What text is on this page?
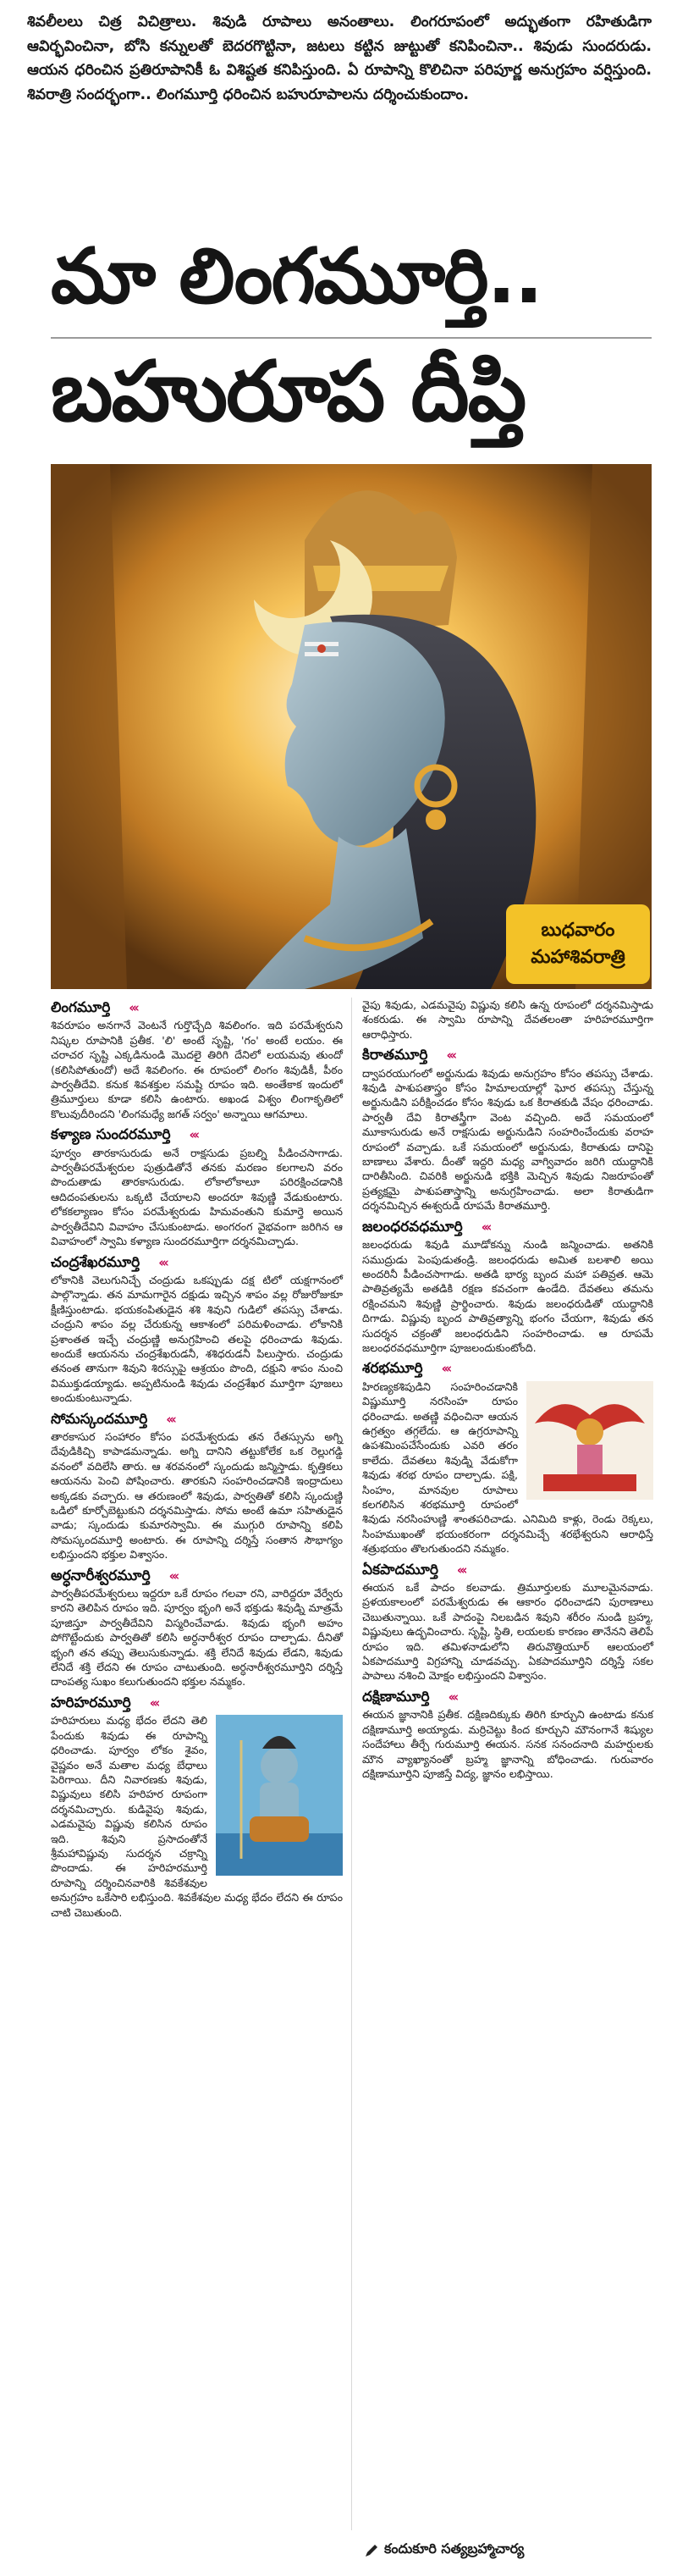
శివలీలలు చిత్ర విచిత్రాలు. శివుడి రూపాలు అనంతాలు. లింగరూపంలో అద్భుతంగా రహితుడిగా ఆవిర్భవించినా, బోసి కన్నులతో బెదరగొట్టినా, జటలు కట్టిన జుట్టుతో కనిపించినా.. శివుడు సుందరుడు. ఆయన ధరించిన ప్రతిరూపానికీ ఓ విశిష్టత కనిపిస్తుంది. ఏ రూపాన్ని కొలిచినా పరిపూర్ణ అనుగ్రహం వర్షిస్తుంది. శివరాత్రి సందర్భంగా.. లింగమూర్తి ధరించిన బహురూపాలను దర్శించుకుందాం.
మా లింగమూర్తి..
బహురూప దీప్తి
బుధవారం
మహాశివరాత్రి
లింగమూర్తి ‹‹‹

శివరూపం అనగానే వెంటనే గుర్తొచ్చేది శివలింగం. ఇది పరమేశ్వరుని నిష్కల రూపానికి ప్రతీక. 'లి' అంటే సృష్టి, 'గం' అంటే లయం. ఈ చరాచర సృష్టి ఎక్కడినుండి మొదలై తిరిగి దేనిలో లయమవు తుందో (కలిసిపోతుందో) అదే శివలింగం. ఈ రూపంలో లింగం శివుడికీ, పీఠం పార్వతీదేవి. కనుక శివశక్తుల సమష్టి రూపం ఇది. అంతేకాక ఇందులో త్రిమూర్తులు కూడా కలిసి ఉంటారు. అఖండ విశ్వం లింగాకృతిలో కొలువుదీరిందని 'లింగమధ్యే జగత్ సర్వం' అన్నాయి ఆగమాలు.

కళ్యాణ సుందరమూర్తి ‹‹‹

పూర్వం తారకాసురుడు అనే రాక్షసుడు ప్రబల్ని పీడించసాగాడు. పార్వతీపరమేశ్వరుల పుత్రుడితోనే తనకు మరణం కలగాలని వరం పొందుతాడు తారకాసురుడు. లోకాలోకాలూ పరిరక్షించడానికి ఆదిదంపతులను ఒక్కటి చేయాలని అందరూ శివుణ్ణి వేడుకుంటారు. లోకకల్యాణం కోసం పరమేశ్వరుడు హిమవంతుని కుమార్తె అయిన పార్వతీదేవిని వివాహం చేసుకుంటాడు. అంగరంగ వైభవంగా జరిగిన ఆ వివాహంలో స్వామి కళ్యాణ సుందరమూర్తిగా దర్శనమిచ్చాడు.

చంద్రశేఖరమూర్తి ‹‹‹

లోకానికి వెలుగునిచ్చే చంద్రుడు ఒకప్పుడు దక్ష టిలో యక్షగానంలో పాల్గొన్నాడు. తన మామగారైన దక్షుడు ఇచ్చిన శాపం వల్ల రోజురోజుకూ క్షీణిస్తుంటాడు. భయకంపితుడైన శశి శివుని గుడిలో తపస్సు చేశాడు. చంద్రుని శాపం వల్ల చేరుకున్న ఆకాశంలో పరిమళించాడు. లోకానికి ప్రశాంతత ఇచ్చే చంద్రుణ్ణి అనుగ్రహించి తలపై ధరించాడు శివుడు. అందుకే ఆయనను చంద్రశేఖరుడనీ, శశిధరుడనీ పిలుస్తారు. చంద్రుడు తనంత తానుగా శివుని శిరస్సుపై ఆశ్రయం పొంది, దక్షుని శాపం నుంచి విముక్తుడయ్యాడు. అప్పటినుండి శివుడు చంద్రశేఖర మూర్తిగా పూజలు అందుకుంటున్నాడు.

సోమస్కందమూర్తి ‹‹‹

తారకాసుర సంహారం కోసం పరమేశ్వరుడు తన రేతస్సును అగ్ని దేవుడికిచ్చి కాపాడమన్నాడు. అగ్ని దానిని తట్టుకోలేక ఒక రెల్లుగడ్డి వనంలో వదిలేసి తారు. ఆ శరవనంలో స్కందుడు జన్మిస్తాడు. కృత్తికలు ఆయనను పెంచి పోషించారు. తారకుని సంహరించడానికి ఇంద్రాదులు అక్కడకు వచ్చారు. ఆ తరుణంలో శివుడు, పార్వతితో కలిసి స్కందుణ్ణి ఒడిలో కూర్చోబెట్టుకుని దర్శనమిస్తాడు. సోమ అంటే ఉమా సహితుడైన వాడు; స్కందుడు కుమారస్వామి. ఈ ముగ్గురి రూపాన్ని కలిపి సోమస్కందమూర్తి అంటారు. ఈ రూపాన్ని దర్శిస్తే సంతాన సౌభాగ్యం లభిస్తుందని భక్తుల విశ్వాసం.

అర్ధనారీశ్వరమూర్తి ‹‹‹

పార్వతీపరమేశ్వరులు ఇద్దరూ ఒకే రూపం గలవా రని, వారిద్దరూ వేర్వేరు కారని తెలిపిన రూపం ఇది. పూర్వం భృంగి అనే భక్తుడు శివుడ్ని మాత్రమే పూజిస్తూ పార్వతీదేవిని విస్మరించేవాడు. శివుడు భృంగి అహం పోగొట్టేందుకు పార్వతితో కలిసి అర్ధనారీశ్వర రూపం దాల్చాడు. దీనితో భృంగి తన తప్పు తెలుసుకున్నాడు. శక్తి లేనిదే శివుడు లేడని, శివుడు లేనిదే శక్తి లేదని ఈ రూపం చాటుతుంది. అర్ధనారీశ్వరమూర్తిని దర్శిస్తే దాంపత్య సుఖం కలుగుతుందని భక్తుల నమ్మకం.

హరిహరమూర్తి ‹‹‹

హరిహరులు మధ్య భేదం లేదని తెలి పేందుకు శివుడు ఈ రూపాన్ని ధరించాడు. పూర్వం లోకం శైవం, వైష్ణవం అనే మతాల మధ్య బేధాలు పెరిగాయి. దీని నివారణకు శివుడు, విష్ణువులు కలిసి హరిహర రూపంగా దర్శనమిచ్చారు. కుడివైపు శివుడు, ఎడమవైపు విష్ణువు కలిసిన రూపం ఇది. శివుని ప్రసాదంతోనే శ్రీమహావిష్ణువు సుదర్శన చక్రాన్ని పొందాడు. ఈ హరిహరమూర్తి రూపాన్ని దర్శించినవారికి శివకేశవుల అనుగ్రహం ఒకేసారి లభిస్తుంది. శివకేశవుల మధ్య భేదం లేదని ఈ రూపం చాటి చెబుతుంది.

వైపు శివుడు, ఎడమవైపు విష్ణువు కలిసి ఉన్న రూపంలో దర్శనమిస్తాడు శంకరుడు. ఈ స్వామి రూపాన్ని దేవతలంతా హరిహరమూర్తిగా ఆరాధిస్తారు.

కిరాతమూర్తి ‹‹‹

ద్వాపరయుగంలో అర్జునుడు శివుడు అనుగ్రహం కోసం తపస్సు చేశాడు. శివుడి పాశుపతాస్త్రం కోసం హిమాలయాల్లో ఘోర తపస్సు చేస్తున్న అర్జునుడిని పరీక్షించడం కోసం శివుడు ఒక కిరాతకుడి వేషం ధరించాడు. పార్వతీ దేవి కిరాతస్త్రీగా వెంట వచ్చింది. అదే సమయంలో మూకాసురుడు అనే రాక్షసుడు అర్జునుడిని సంహరించేందుకు వరాహ రూపంలో వచ్చాడు. ఒకే సమయంలో అర్జునుడు, కిరాతుడు దానిపై బాణాలు వేశారు. దీంతో ఇద్దరి మధ్య వాగ్వివాదం జరిగి యుద్ధానికి దారితీసింది. చివరికి అర్జునుడి భక్తికి మెచ్చిన శివుడు నిజరూపంతో ప్రత్యక్షమై పాశుపతాస్త్రాన్ని అనుగ్రహించాడు. అలా కిరాతుడిగా దర్శనమిచ్చిన ఈశ్వరుడి రూపమే కిరాతమూర్తి.

జలంధరవధమూర్తి ‹‹‹

జలంధరుడు శివుడి మూడోకన్ను నుండి జన్మించాడు. అతనికి సముద్రుడు పెంపుడుతండ్రి. జలంధరుడు అమిత బలశాలి అయి అందరినీ పీడించసాగాడు. అతడి భార్య బృంద మహా పతివ్రత. ఆమె పాతివ్రత్యమే అతడికి రక్షణ కవచంగా ఉండేది. దేవతలు తమను రక్షించమని శివుణ్ణి ప్రార్థించారు. శివుడు జలంధరుడితో యుద్ధానికి దిగాడు. విష్ణువు బృంద పాతివ్రత్యాన్ని భంగం చేయగా, శివుడు తన సుదర్శన చక్రంతో జలంధరుడిని సంహరించాడు. ఆ రూపమే జలంధరవధమూర్తిగా పూజలందుకుంటోంది.

శరభమూర్తి ‹‹‹

హిరణ్యకశిపుడిని సంహరించడానికి విష్ణుమూర్తి నరసింహ రూపం ధరించాడు. అతణ్ణి వధించినా ఆయన ఉగ్రత్వం తగ్గలేదు. ఆ ఉగ్రరూపాన్ని ఉపశమింపచేసేందుకు ఎవరి తరం కాలేదు. దేవతలు శివుడ్ని వేడుకోగా శివుడు శరభ రూపం దాల్చాడు. పక్షి, సింహం, మానవుల రూపాలు కలగలిసిన శరభమూర్తి రూపంలో శివుడు నరసింహుణ్ణి శాంతపరిచాడు. ఎనిమిది కాళ్లు, రెండు రెక్కలు, సింహముఖంతో భయంకరంగా దర్శనమిచ్చే శరభేశ్వరుని ఆరాధిస్తే శత్రుభయం తొలగుతుందని నమ్మకం.

ఏకపాదమూర్తి ‹‹‹

ఈయన ఒకే పాదం కలవాడు. త్రిమూర్తులకు మూలమైనవాడు. ప్రళయకాలంలో పరమేశ్వరుడు ఈ ఆకారం ధరించాడని పురాణాలు చెబుతున్నాయి. ఒకే పాదంపై నిలబడిన శివుని శరీరం నుండి బ్రహ్మ, విష్ణువులు ఉద్భవించారు. సృష్టి, స్థితి, లయలకు కారణం తానేనని తెలిపే రూపం ఇది. తమిళనాడులోని తిరువొత్తియూర్ ఆలయంలో ఏకపాదమూర్తి విగ్రహాన్ని చూడవచ్చు. ఏకపాదమూర్తిని దర్శిస్తే సకల పాపాలు నశించి మోక్షం లభిస్తుందని విశ్వాసం.

దక్షిణామూర్తి ‹‹‹

ఈయన జ్ఞానానికి ప్రతీక. దక్షిణదిక్కుకు తిరిగి కూర్చుని ఉంటాడు కనుక దక్షిణామూర్తి అయ్యాడు. మర్రిచెట్టు కింద కూర్చుని మౌనంగానే శిష్యుల సందేహాలు తీర్చే గురుమూర్తి ఈయన. సనక సనందనాది మహర్షులకు మౌన వ్యాఖ్యానంతో బ్రహ్మ జ్ఞానాన్ని బోధించాడు. గురువారం దక్షిణామూర్తిని పూజిస్తే విద్య, జ్ఞానం లభిస్తాయి.

కందుకూరి సత్యబ్రహ్మాచార్య
